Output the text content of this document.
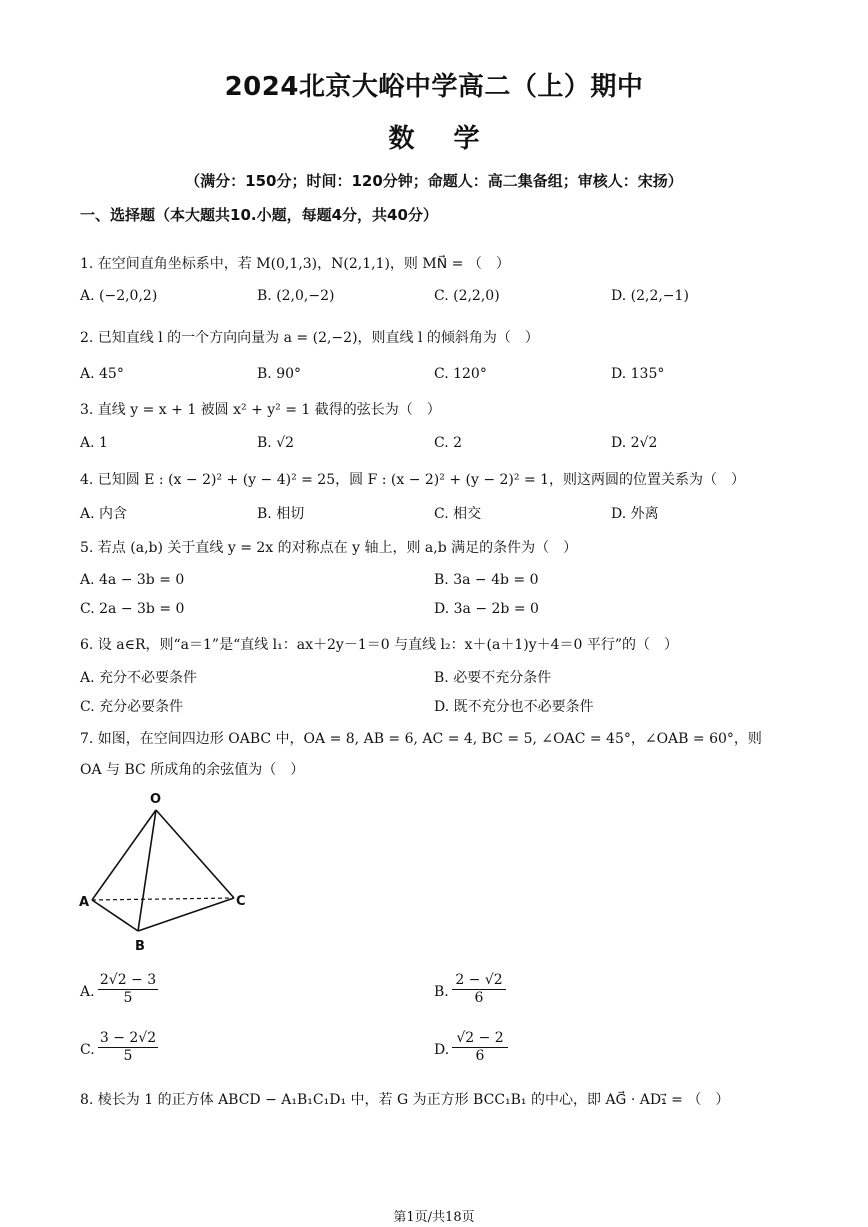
2024北京大峪中学高二（上）期中
数 学
（满分：150分；时间：120分钟；命题人：高二集备组；审核人：宋扬）
一、选择题（本大题共10.小题，每题4分，共40分）
1. 在空间直角坐标系中，若 M(0,1,3)，N(2,1,1)，则 MN⃗ = （　）
A. (−2,0,2)	B. (2,0,−2)	C. (2,2,0)	D. (2,2,−1)
2. 已知直线 l 的一个方向向量为 a = (2,−2)，则直线 l 的倾斜角为（　）
A. 45°	B. 90°	C. 120°	D. 135°
3. 直线 y = x + 1 被圆 x² + y² = 1 截得的弦长为（　）
A. 1	B. √2	C. 2	D. 2√2
4. 已知圆 E : (x − 2)² + (y − 4)² = 25，圆 F : (x − 2)² + (y − 2)² = 1，则这两圆的位置关系为（　）
A. 内含	B. 相切	C. 相交	D. 外离
5. 若点 (a,b) 关于直线 y = 2x 的对称点在 y 轴上，则 a,b 满足的条件为（　）
A. 4a − 3b = 0	B. 3a − 4b = 0
C. 2a − 3b = 0	D. 3a − 2b = 0
6. 设 a∈R，则“a＝1”是“直线 l₁：ax＋2y－1＝0 与直线 l₂：x＋(a＋1)y＋4＝0 平行”的（　）
A. 充分不必要条件	B. 必要不充分条件
C. 充分必要条件	D. 既不充分也不必要条件
7. 如图，在空间四边形 OABC 中，OA = 8, AB = 6, AC = 4, BC = 5, ∠OAC = 45°，∠OAB = 60°，则
OA 与 BC 所成角的余弦值为（　）
O
A
B
C
A. $\frac{2√2 - 3}{5}$	B. $\frac{2 - √2}{6}$
C. $\frac{3 - 2√2}{5}$	D. $\frac{√2 - 2}{6}$
8. 棱长为 1 的正方体 ABCD − A₁B₁C₁D₁ 中，若 G 为正方形 BCC₁B₁ 的中心，即 AG⃗ · AD₁⃗ = （　）
第1页/共18页
